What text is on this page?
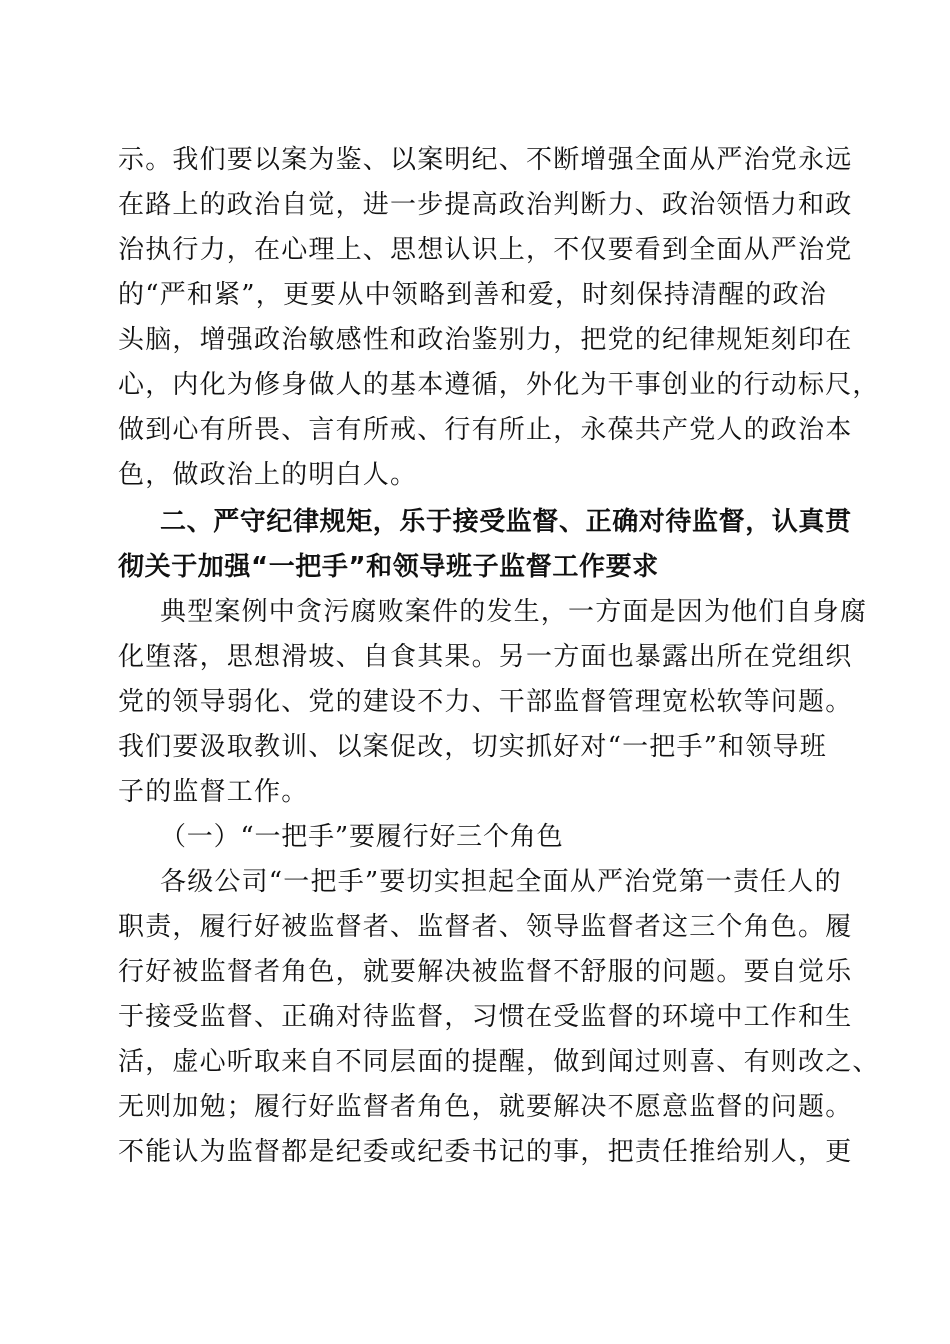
示。我们要以案为鉴、以案明纪、不断增强全面从严治党永远
在路上的政治自觉，进一步提高政治判断力、政治领悟力和政
治执行力，在心理上、思想认识上，不仅要看到全面从严治党
的“严和紧”，更要从中领略到善和爱，时刻保持清醒的政治
头脑，增强政治敏感性和政治鉴别力，把党的纪律规矩刻印在
心，内化为修身做人的基本遵循，外化为干事创业的行动标尺，
做到心有所畏、言有所戒、行有所止，永葆共产党人的政治本
色，做政治上的明白人。
二、严守纪律规矩，乐于接受监督、正确对待监督，认真贯
彻关于加强“一把手”和领导班子监督工作要求
典型案例中贪污腐败案件的发生，一方面是因为他们自身腐
化堕落，思想滑坡、自食其果。另一方面也暴露出所在党组织
党的领导弱化、党的建设不力、干部监督管理宽松软等问题。
我们要汲取教训、以案促改，切实抓好对“一把手”和领导班
子的监督工作。
（一）“一把手”要履行好三个角色
各级公司“一把手”要切实担起全面从严治党第一责任人的
职责，履行好被监督者、监督者、领导监督者这三个角色。履
行好被监督者角色，就要解决被监督不舒服的问题。要自觉乐
于接受监督、正确对待监督，习惯在受监督的环境中工作和生
活，虚心听取来自不同层面的提醒，做到闻过则喜、有则改之、
无则加勉；履行好监督者角色，就要解决不愿意监督的问题。
不能认为监督都是纪委或纪委书记的事，把责任推给别人，更
